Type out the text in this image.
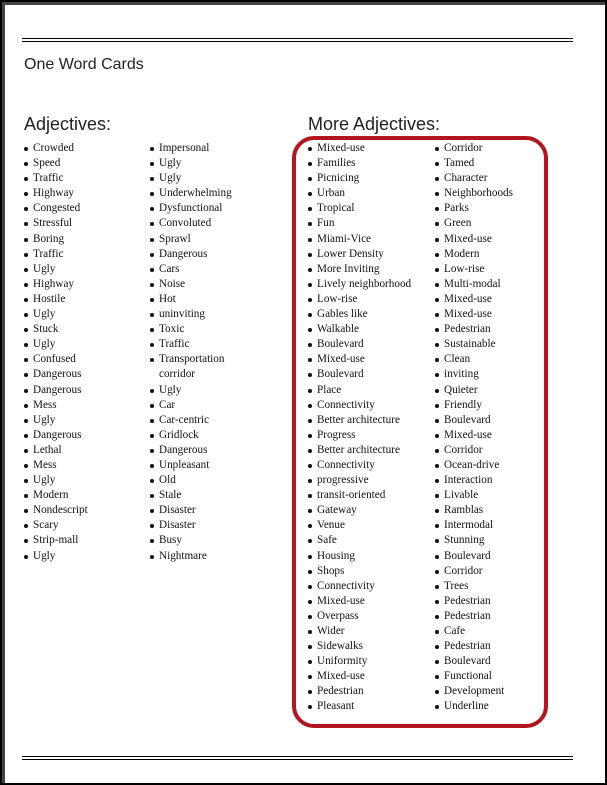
One Word Cards
Adjectives:	More Adjectives:
Crowded
Speed
Traffic
Highway
Congested
Stressful
Boring
Traffic
Ugly
Highway
Hostile
Ugly
Stuck
Ugly
Confused
Dangerous
Dangerous
Mess
Ugly
Dangerous
Lethal
Mess
Ugly
Modern
Nondescript
Scary
Strip-mall
Ugly
Impersonal
Ugly
Ugly
Underwhelming
Dysfunctional
Convoluted
Sprawl
Dangerous
Cars
Noise
Hot
uninviting
Toxic
Traffic
Transportation
corridor
Ugly
Car
Car-centric
Gridlock
Dangerous
Unpleasant
Old
Stale
Disaster
Disaster
Busy
Nightmare
Mixed-use
Families
Picnicing
Urban
Tropical
Fun
Miami-Vice
Lower Density
More Inviting
Lively neighborhood
Low-rise
Gables like
Walkable
Boulevard
Mixed-use
Boulevard
Place
Connectivity
Better architecture
Progress
Better architecture
Connectivity
progressive
transit-oriented
Gateway
Venue
Safe
Housing
Shops
Connectivity
Mixed-use
Overpass
Wider
Sidewalks
Uniformity
Mixed-use
Pedestrian
Pleasant
Corridor
Tamed
Character
Neighborhoods
Parks
Green
Mixed-use
Modern
Low-rise
Multi-modal
Mixed-use
Mixed-use
Pedestrian
Sustainable
Clean
inviting
Quieter
Friendly
Boulevard
Mixed-use
Corridor
Ocean-drive
Interaction
Livable
Ramblas
Intermodal
Stunning
Boulevard
Corridor
Trees
Pedestrian
Pedestrian
Cafe
Pedestrian
Boulevard
Functional
Development
Underline
